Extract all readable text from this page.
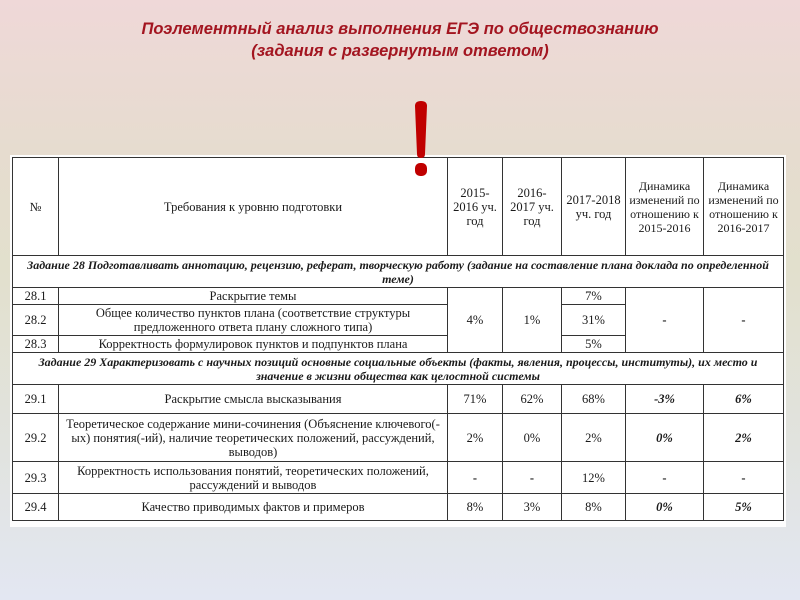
Поэлементный анализ выполнения ЕГЭ по обществознанию
(задания с развернутым ответом)
№	Требования к уровню подготовки	2015-2016 уч. год	2016-2017 уч. год	2017-2018 уч. год	Динамика изменений по отношению к 2015-2016	Динамика изменений по отношению к 2016-2017
Задание 28 Подготавливать аннотацию, рецензию, реферат, творческую работу (задание на составление плана доклада по определенной теме)						
28.1	Раскрытие темы	4%	1%	7%	-	-
28.2	Общее количество пунктов плана (соответствие структуры предложенного ответа плану сложного типа)			31%		
28.3	Корректность формулировок пунктов и подпунктов плана			5%		
Задание 29 Характеризовать с научных позиций основные социальные объекты (факты, явления, процессы, институты), их место и значение в жизни общества как целостной системы						
29.1	Раскрытие смысла высказывания	71%	62%	68%	-3%	6%
29.2	Теоретическое содержание мини-сочинения (Объяснение ключевого(-ых) понятия(-ий), наличие теоретических положений, рассуждений, выводов)	2%	0%	2%	0%	2%
29.3	Корректность использования понятий, теоретических положений, рассуждений и выводов	-	-	12%	-	-
29.4	Качество приводимых фактов и примеров	8%	3%	8%	0%	5%
